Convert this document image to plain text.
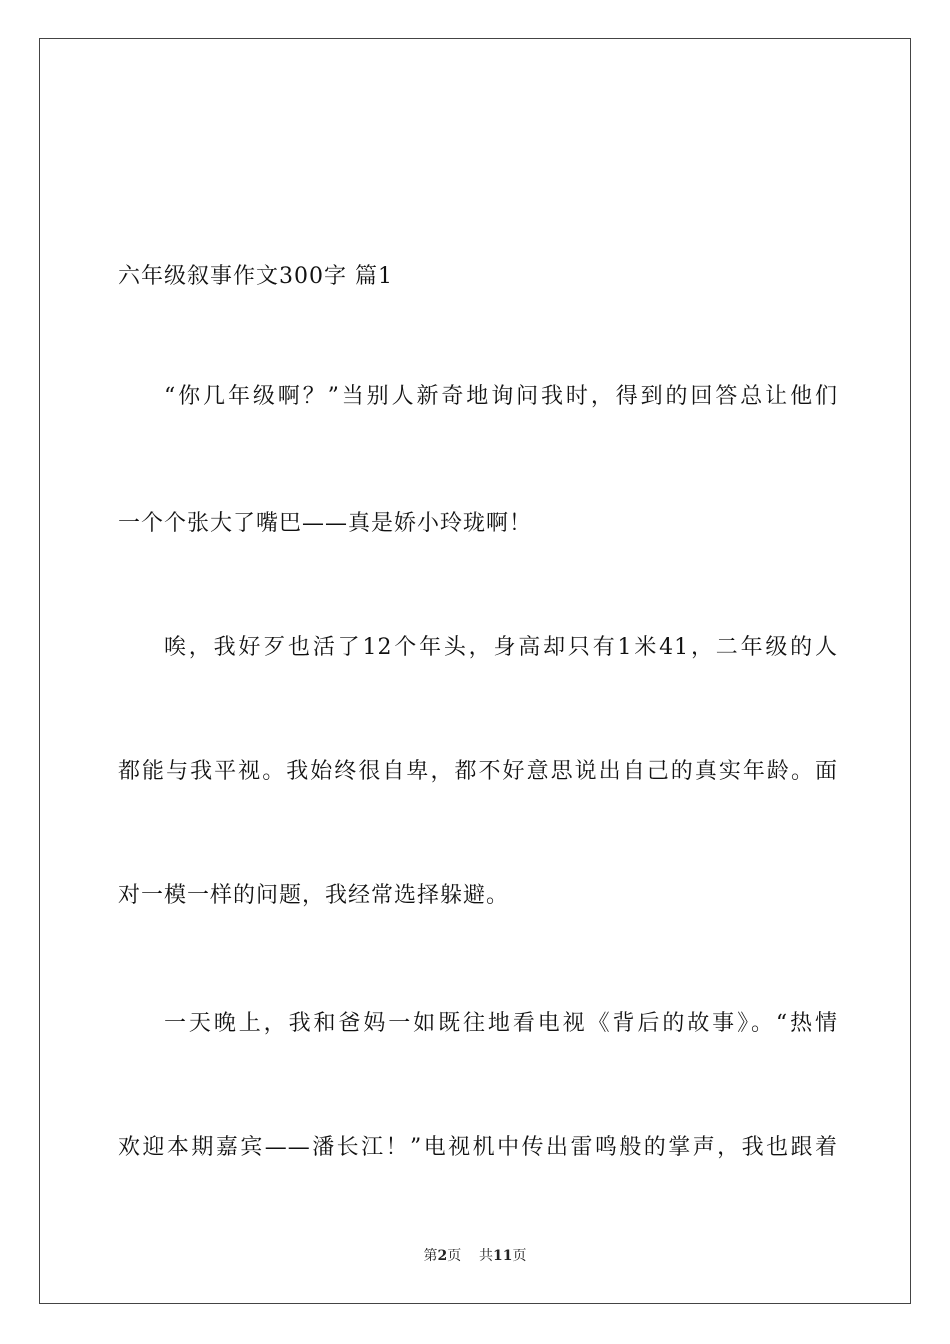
六年级叙事作文300字 篇1
“你几年级啊？”当别人新奇地询问我时，得到的回答总让他们
一个个张大了嘴巴——真是娇小玲珑啊！
唉，我好歹也活了12个年头，身高却只有1米41，二年级的人
都能与我平视。我始终很自卑，都不好意思说出自己的真实年龄。面
对一模一样的问题，我经常选择躲避。
一天晚上，我和爸妈一如既往地看电视《背后的故事》。“热情
欢迎本期嘉宾——潘长江！”电视机中传出雷鸣般的掌声，我也跟着
第2页 共11页
